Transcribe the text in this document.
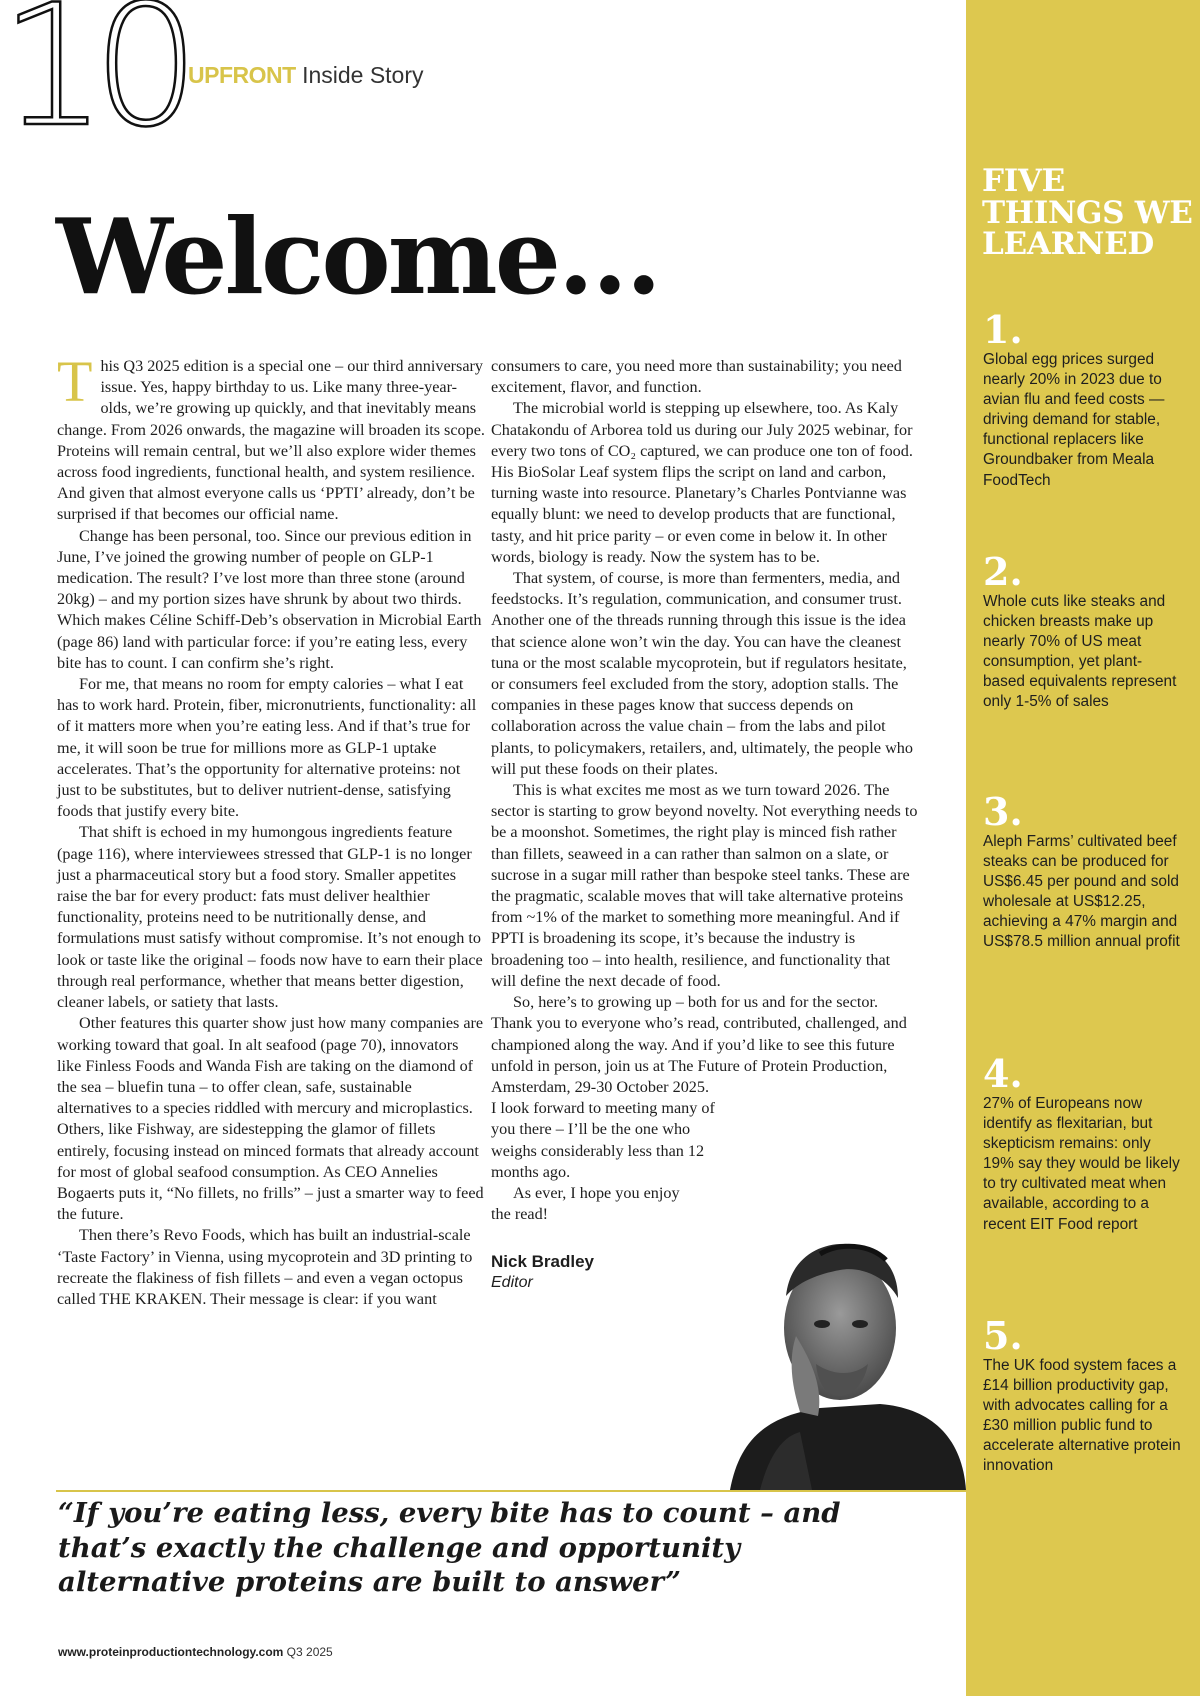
10 UPFRONT Inside Story
Welcome…

This Q3 2025 edition is a special one – our third anniversary issue. Yes, happy birthday to us. Like many three-year-olds, we’re growing up quickly, and that inevitably means change. From 2026 onwards, the magazine will broaden its scope. Proteins will remain central, but we’ll also explore wider themes across food ingredients, functional health, and system resilience. And given that almost everyone calls us ‘PPTI’ already, don’t be surprised if that becomes our official name.

Change has been personal, too. Since our previous edition in June, I’ve joined the growing number of people on GLP-1 medication. The result? I’ve lost more than three stone (around 20kg) – and my portion sizes have shrunk by about two thirds. Which makes Céline Schiff-Deb’s observation in Microbial Earth (page 86) land with particular force: if you’re eating less, every bite has to count. I can confirm she’s right.

For me, that means no room for empty calories – what I eat has to work hard. Protein, fiber, micronutrients, functionality: all of it matters more when you’re eating less. And if that’s true for me, it will soon be true for millions more as GLP-1 uptake accelerates. That’s the opportunity for alternative proteins: not just to be substitutes, but to deliver nutrient-dense, satisfying foods that justify every bite.

That shift is echoed in my humongous ingredients feature (page 116), where interviewees stressed that GLP-1 is no longer just a pharmaceutical story but a food story. Smaller appetites raise the bar for every product: fats must deliver healthier functionality, proteins need to be nutritionally dense, and formulations must satisfy without compromise. It’s not enough to look or taste like the original – foods now have to earn their place through real performance, whether that means better digestion, cleaner labels, or satiety that lasts.

Other features this quarter show just how many companies are working toward that goal. In alt seafood (page 70), innovators like Finless Foods and Wanda Fish are taking on the diamond of the sea – bluefin tuna – to offer clean, safe, sustainable alternatives to a species riddled with mercury and microplastics. Others, like Fishway, are sidestepping the glamor of fillets entirely, focusing instead on minced formats that already account for most of global seafood consumption. As CEO Annelies Bogaerts puts it, “No fillets, no frills” – just a smarter way to feed the future.

Then there’s Revo Foods, which has built an industrial-scale ‘Taste Factory’ in Vienna, using mycoprotein and 3D printing to recreate the flakiness of fish fillets – and even a vegan octopus called THE KRAKEN. Their message is clear: if you want

consumers to care, you need more than sustainability; you need excitement, flavor, and function.

The microbial world is stepping up elsewhere, too. As Kaly Chatakondu of Arborea told us during our July 2025 webinar, for every two tons of CO₂ captured, we can produce one ton of food. His BioSolar Leaf system flips the script on land and carbon, turning waste into resource. Planetary’s Charles Pontvianne was equally blunt: we need to develop products that are functional, tasty, and hit price parity – or even come in below it. In other words, biology is ready. Now the system has to be.

That system, of course, is more than fermenters, media, and feedstocks. It’s regulation, communication, and consumer trust. Another one of the threads running through this issue is the idea that science alone won’t win the day. You can have the cleanest tuna or the most scalable mycoprotein, but if regulators hesitate, or consumers feel excluded from the story, adoption stalls. The companies in these pages know that success depends on collaboration across the value chain – from the labs and pilot plants, to policymakers, retailers, and, ultimately, the people who will put these foods on their plates.

This is what excites me most as we turn toward 2026. The sector is starting to grow beyond novelty. Not everything needs to be a moonshot. Sometimes, the right play is minced fish rather than fillets, seaweed in a can rather than salmon on a slate, or sucrose in a sugar mill rather than bespoke steel tanks. These are the pragmatic, scalable moves that will take alternative proteins from ~1% of the market to something more meaningful. And if PPTI is broadening its scope, it’s because the industry is broadening too – into health, resilience, and functionality that will define the next decade of food.

So, here’s to growing up – both for us and for the sector. Thank you to everyone who’s read, contributed, challenged, and championed along the way. And if you’d like to see this future unfold in person, join us at The Future of Protein Production, Amsterdam, 29-30 October 2025.
I look forward to meeting many of you there – I’ll be the one who weighs considerably less than 12 months ago.

As ever, I hope you enjoy the read!

Nick Bradley
Editor

“If you’re eating less, every bite has to count – and that’s exactly the challenge and opportunity alternative proteins are built to answer”

www.proteinproductiontechnology.com Q3 2025
FIVE THINGS WE LEARNED
1.
Global egg prices surged nearly 20% in 2023 due to avian flu and feed costs — driving demand for stable, functional replacers like Groundbaker from Meala FoodTech
2.
Whole cuts like steaks and chicken breasts make up nearly 70% of US meat consumption, yet plant-based equivalents represent only 1-5% of sales
3.
Aleph Farms’ cultivated beef steaks can be produced for US$6.45 per pound and sold wholesale at US$12.25, achieving a 47% margin and US$78.5 million annual profit
4.
27% of Europeans now identify as flexitarian, but skepticism remains: only 19% say they would be likely to try cultivated meat when available, according to a recent EIT Food report
5.
The UK food system faces a £14 billion productivity gap, with advocates calling for a £30 million public fund to accelerate alternative protein innovation
